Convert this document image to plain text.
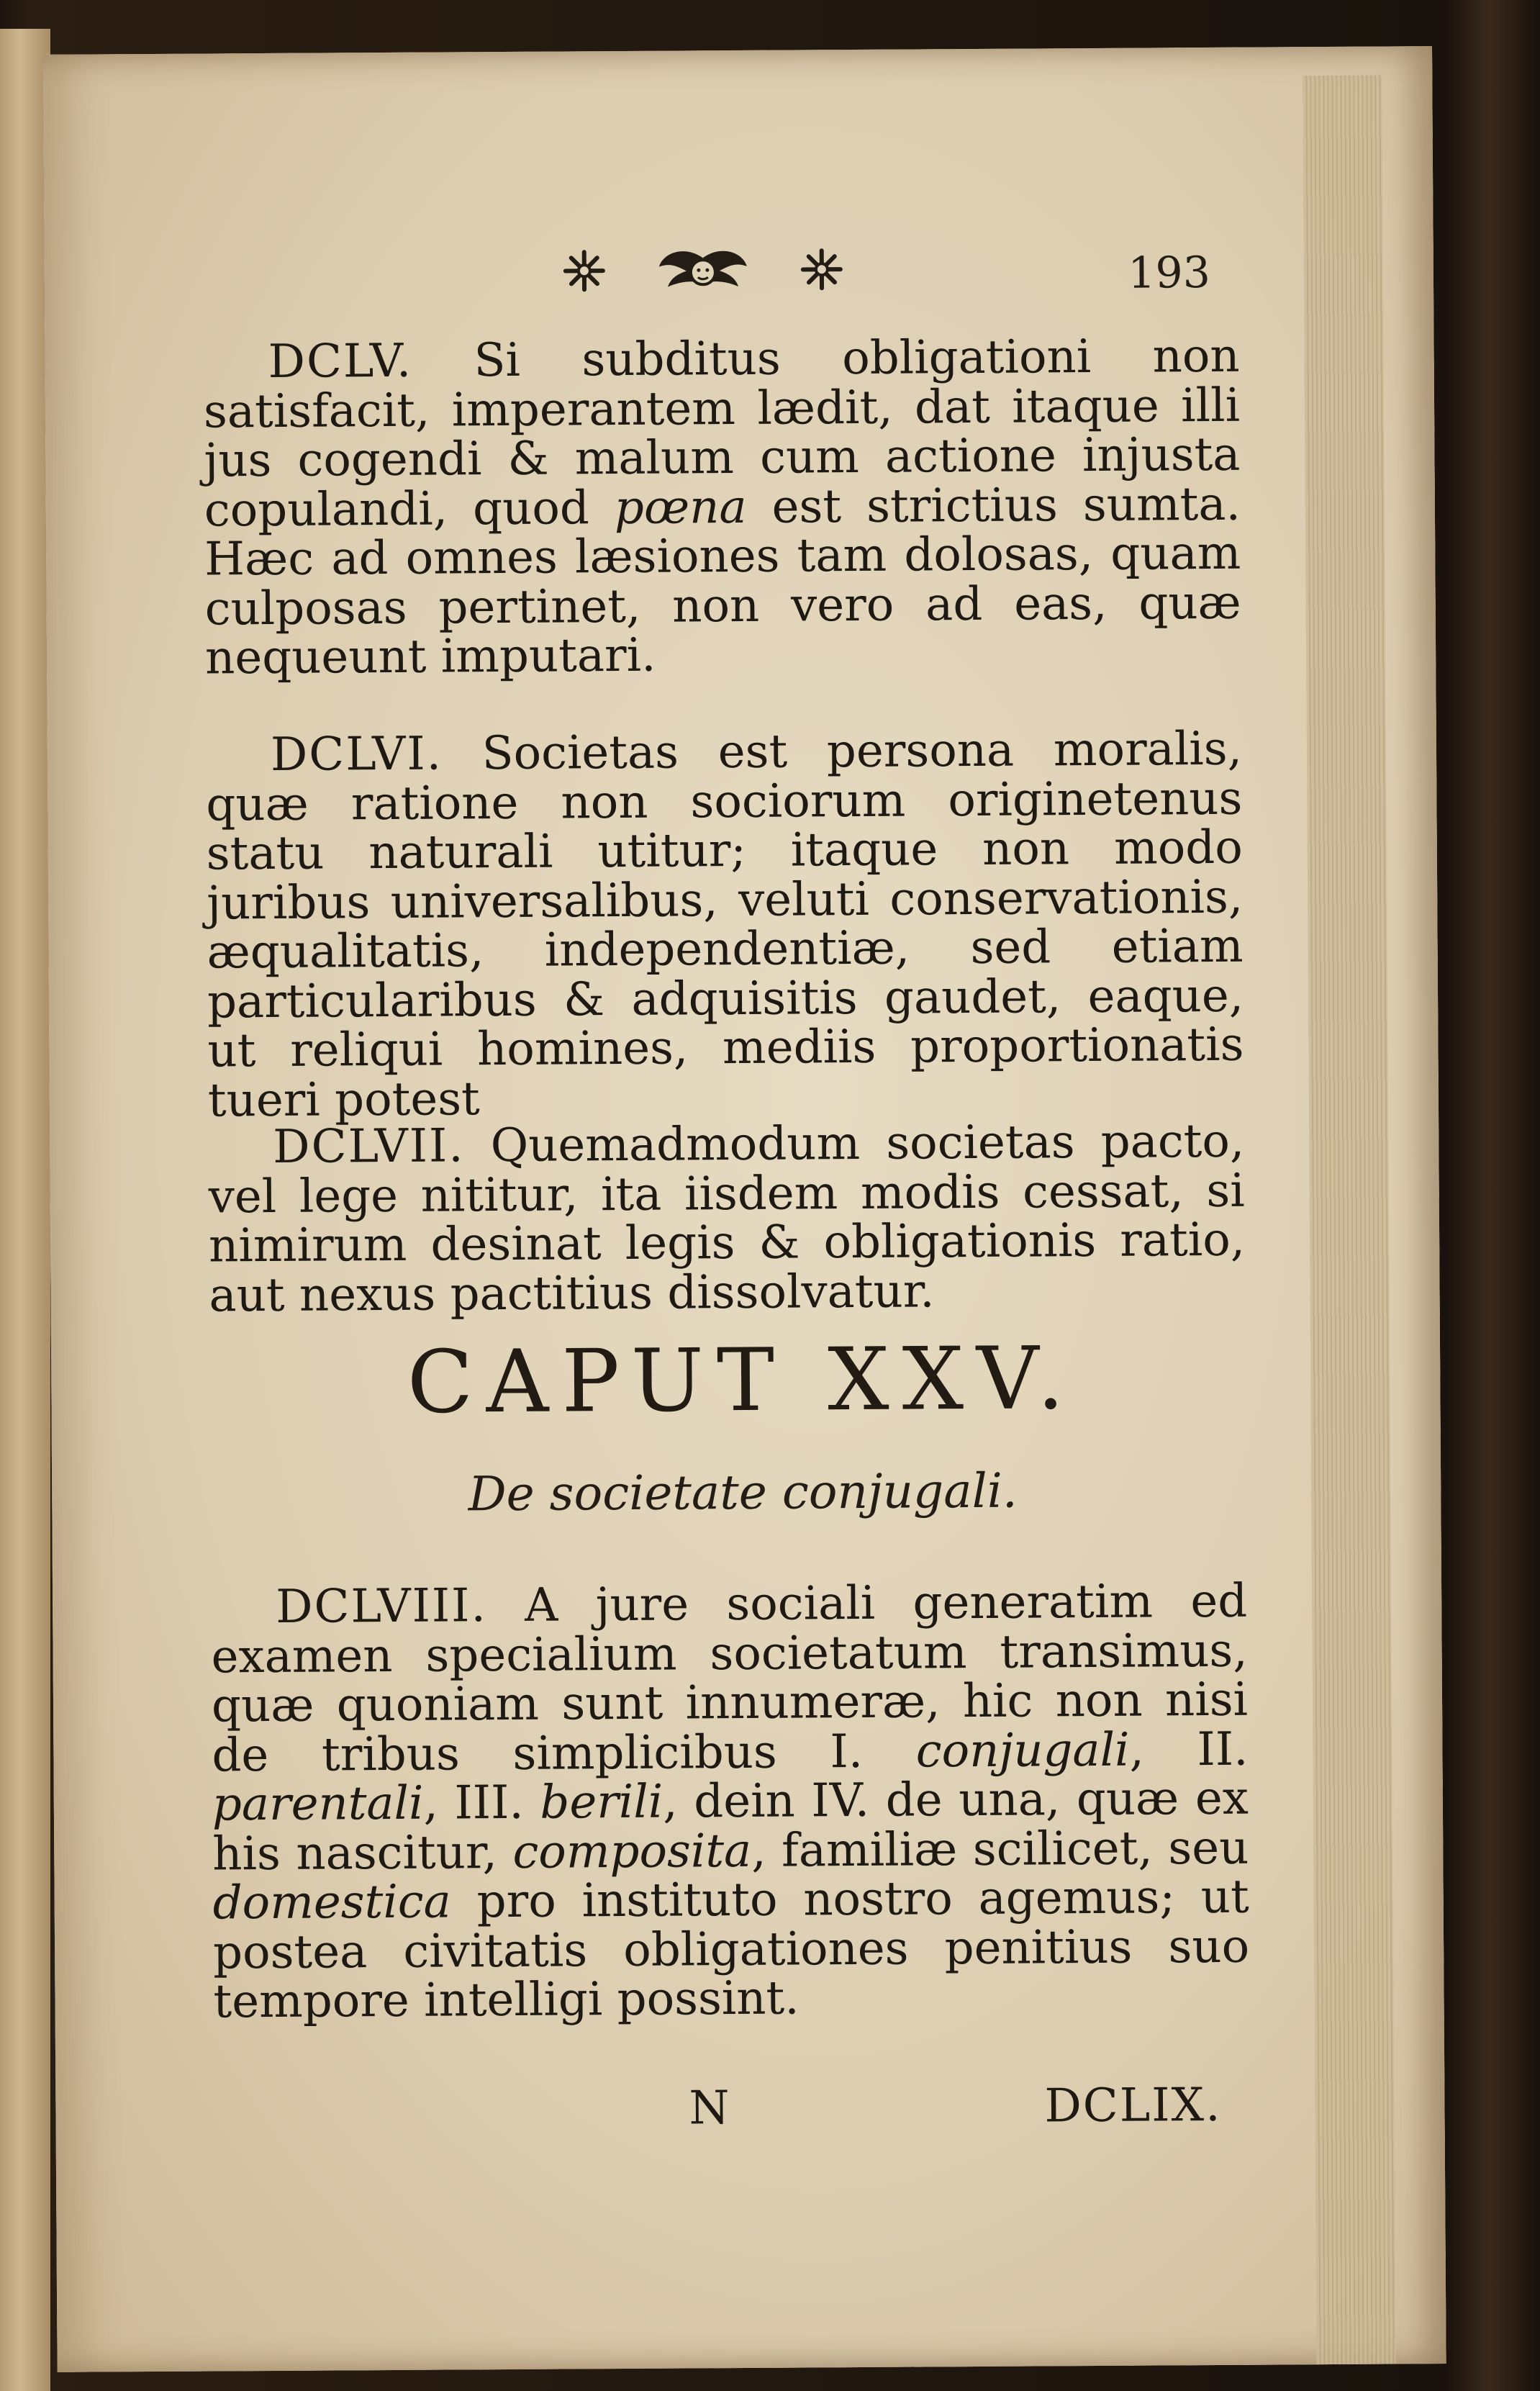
193

DCLV. Si subditus obligationi non satisfacit, imperantem lædit, dat itaque illi jus cogendi & malum cum actione injusta copulandi, quod pœna est strictius sumta. Hæc ad omnes læsiones tam dolosas, quam culposas pertinet, non vero ad eas, quæ nequeunt imputari.

DCLVI. Societas est persona moralis, quæ ratione non sociorum originetenus statu naturali utitur; itaque non modo juribus universalibus, veluti conservationis, æqualitatis, independentiæ, sed etiam particularibus & adquisitis gaudet, eaque, ut reliqui homines, mediis proportionatis tueri potest

DCLVII. Quemadmodum societas pacto, vel lege nititur, ita iisdem modis cessat, si nimirum desinat legis & obligationis ratio, aut nexus pactitius dissolvatur.

CAPUT XXV.
De societate conjugali.

DCLVIII. A jure sociali generatim ed examen specialium societatum transimus, quæ quoniam sunt innumeræ, hic non nisi de tribus simplicibus I. conjugali, II. parentali, III. berili, dein IV. de una, quæ ex his nascitur, composita, familiæ scilicet, seu domestica pro instituto nostro agemus; ut postea civitatis obligationes penitius suo tempore intelligi possint.

N	DCLIX.
